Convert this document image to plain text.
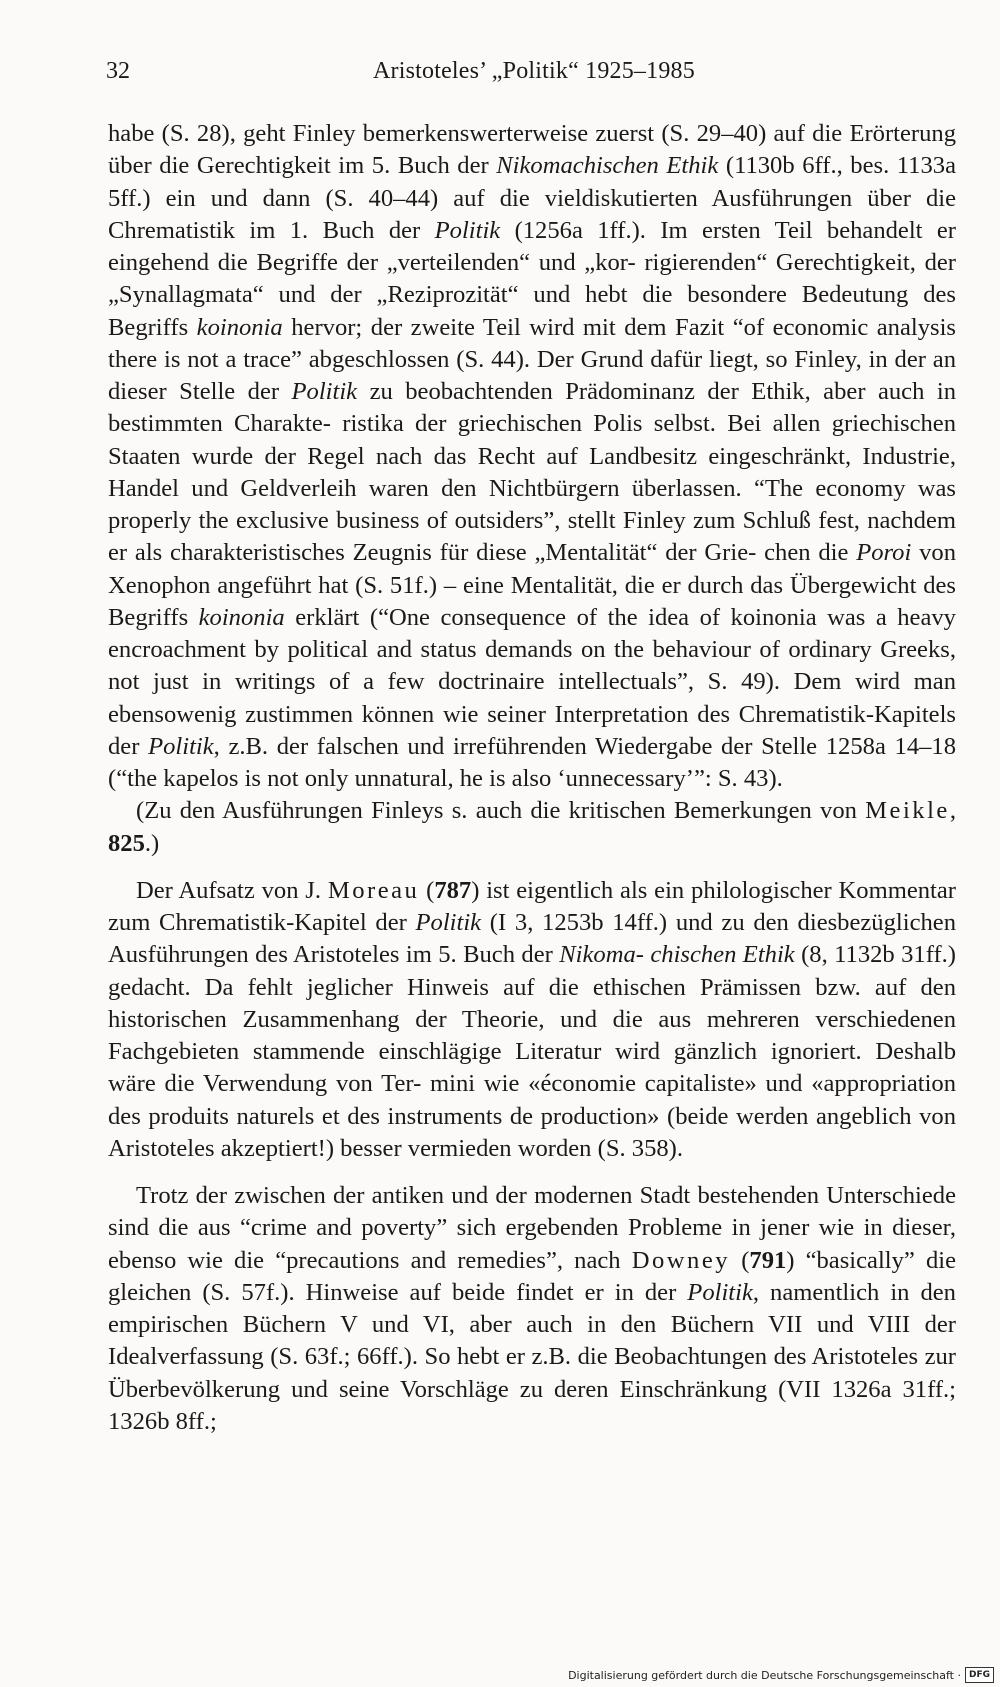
32	Aristoteles’ „Politik“ 1925–1985

habe (S. 28), geht Finley bemerkenswerterweise zuerst (S. 29–40) auf die Erörterung über die Gerechtigkeit im 5. Buch der Nikomachischen Ethik (1130b 6ff., bes. 1133a 5ff.) ein und dann (S. 40–44) auf die vieldiskutierten Ausführungen über die Chrematistik im 1. Buch der Politik (1256a 1ff.). Im ersten Teil behandelt er eingehend die Begriffe der „verteilenden“ und „kor- rigierenden“ Gerechtigkeit, der „Synallagmata“ und der „Reziprozität“ und hebt die besondere Bedeutung des Begriffs koinonia hervor; der zweite Teil wird mit dem Fazit “of economic analysis there is not a trace” abgeschlossen (S. 44). Der Grund dafür liegt, so Finley, in der an dieser Stelle der Politik zu beobachtenden Prädominanz der Ethik, aber auch in bestimmten Charakte- ristika der griechischen Polis selbst. Bei allen griechischen Staaten wurde der Regel nach das Recht auf Landbesitz eingeschränkt, Industrie, Handel und Geldverleih waren den Nichtbürgern überlassen. “The economy was properly the exclusive business of outsiders”, stellt Finley zum Schluß fest, nachdem er als charakteristisches Zeugnis für diese „Mentalität“ der Grie- chen die Poroi von Xenophon angeführt hat (S. 51f.) – eine Mentalität, die er durch das Übergewicht des Begriffs koinonia erklärt (“One consequence of the idea of koinonia was a heavy encroachment by political and status demands on the behaviour of ordinary Greeks, not just in writings of a few doctrinaire intellectuals”, S. 49). Dem wird man ebensowenig zustimmen können wie seiner Interpretation des Chrematistik-Kapitels der Politik, z.B. der falschen und irreführenden Wiedergabe der Stelle 1258a 14–18 (“the kapelos is not only unnatural, he is also ‘unnecessary’”: S. 43).

(Zu den Ausführungen Finleys s. auch die kritischen Bemerkungen von Meikle, 825.)

Der Aufsatz von J. Moreau (787) ist eigentlich als ein philologischer Kommentar zum Chrematistik-Kapitel der Politik (I 3, 1253b 14ff.) und zu den diesbezüglichen Ausführungen des Aristoteles im 5. Buch der Nikoma- chischen Ethik (8, 1132b 31ff.) gedacht. Da fehlt jeglicher Hinweis auf die ethischen Prämissen bzw. auf den historischen Zusammenhang der Theorie, und die aus mehreren verschiedenen Fachgebieten stammende einschlägige Literatur wird gänzlich ignoriert. Deshalb wäre die Verwendung von Ter- mini wie «économie capitaliste» und «appropriation des produits naturels et des instruments de production» (beide werden angeblich von Aristoteles akzeptiert!) besser vermieden worden (S. 358).

Trotz der zwischen der antiken und der modernen Stadt bestehenden Unterschiede sind die aus “crime and poverty” sich ergebenden Probleme in jener wie in dieser, ebenso wie die “precautions and remedies”, nach Downey (791) “basically” die gleichen (S. 57f.). Hinweise auf beide findet er in der Politik, namentlich in den empirischen Büchern V und VI, aber auch in den Büchern VII und VIII der Idealverfassung (S. 63f.; 66ff.). So hebt er z.B. die Beobachtungen des Aristoteles zur Überbevölkerung und seine Vorschläge zu deren Einschränkung (VII 1326a 31ff.; 1326b 8ff.;

Digitalisierung gefördert durch die Deutsche Forschungsgemeinschaft · DFG
